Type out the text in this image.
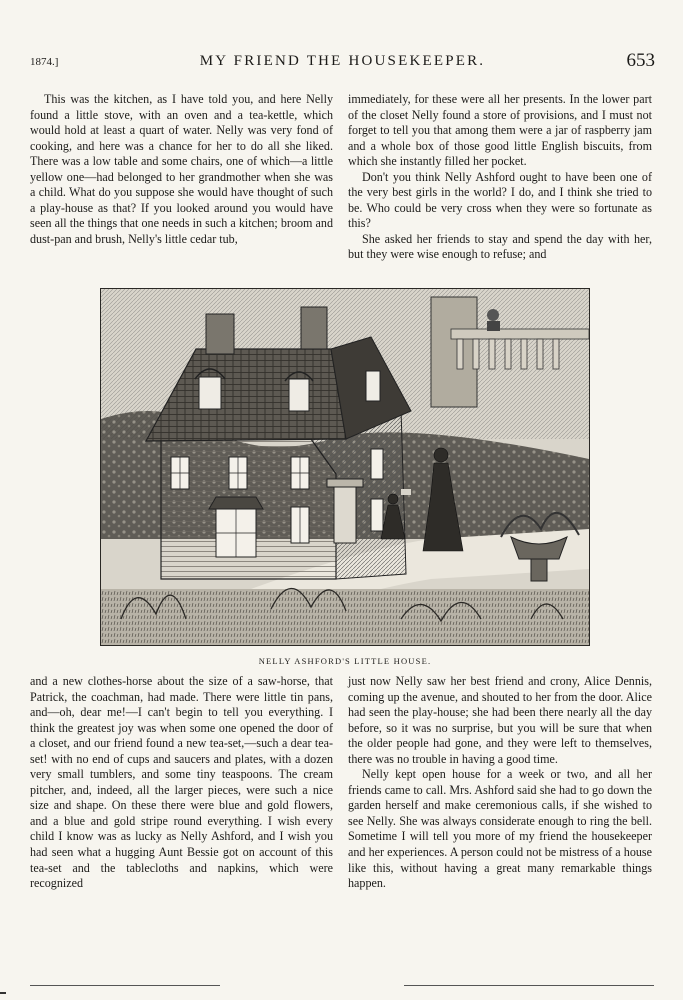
1874.]	MY FRIEND THE HOUSEKEEPER.	653

This was the kitchen, as I have told you, and here Nelly found a little stove, with an oven and a tea-kettle, which would hold at least a quart of water. Nelly was very fond of cooking, and here was a chance for her to do all she liked. There was a low table and some chairs, one of which—a little yellow one—had belonged to her grandmother when she was a child. What do you suppose she would have thought of such a play-house as that? If you looked around you would have seen all the things that one needs in such a kitchen; broom and dust-pan and brush, Nelly's little cedar tub,

immediately, for these were all her presents. In the lower part of the closet Nelly found a store of provisions, and I must not forget to tell you that among them were a jar of raspberry jam and a whole box of those good little English biscuits, from which she instantly filled her pocket.

Don't you think Nelly Ashford ought to have been one of the very best girls in the world? I do, and I think she tried to be. Who could be very cross when they were so fortunate as this?

She asked her friends to stay and spend the day with her, but they were wise enough to refuse; and

NELLY ASHFORD'S LITTLE HOUSE.

and a new clothes-horse about the size of a saw-horse, that Patrick, the coachman, had made. There were little tin pans, and—oh, dear me!—I can't begin to tell you everything. I think the greatest joy was when some one opened the door of a closet, and our friend found a new tea-set,—such a dear tea-set! with no end of cups and saucers and plates, with a dozen very small tumblers, and some tiny teaspoons. The cream pitcher, and, indeed, all the larger pieces, were such a nice size and shape. On these there were blue and gold flowers, and a blue and gold stripe round everything. I wish every child I know was as lucky as Nelly Ashford, and I wish you had seen what a hugging Aunt Bessie got on account of this tea-set and the tablecloths and napkins, which were recognized

just now Nelly saw her best friend and crony, Alice Dennis, coming up the avenue, and shouted to her from the door. Alice had seen the play-house; she had been there nearly all the day before, so it was no surprise, but you will be sure that when the older people had gone, and they were left to themselves, there was no trouble in having a good time.

Nelly kept open house for a week or two, and all her friends came to call. Mrs. Ashford said she had to go down the garden herself and make ceremonious calls, if she wished to see Nelly. She was always considerate enough to ring the bell. Sometime I will tell you more of my friend the housekeeper and her experiences. A person could not be mistress of a house like this, without having a great many remarkable things happen.
